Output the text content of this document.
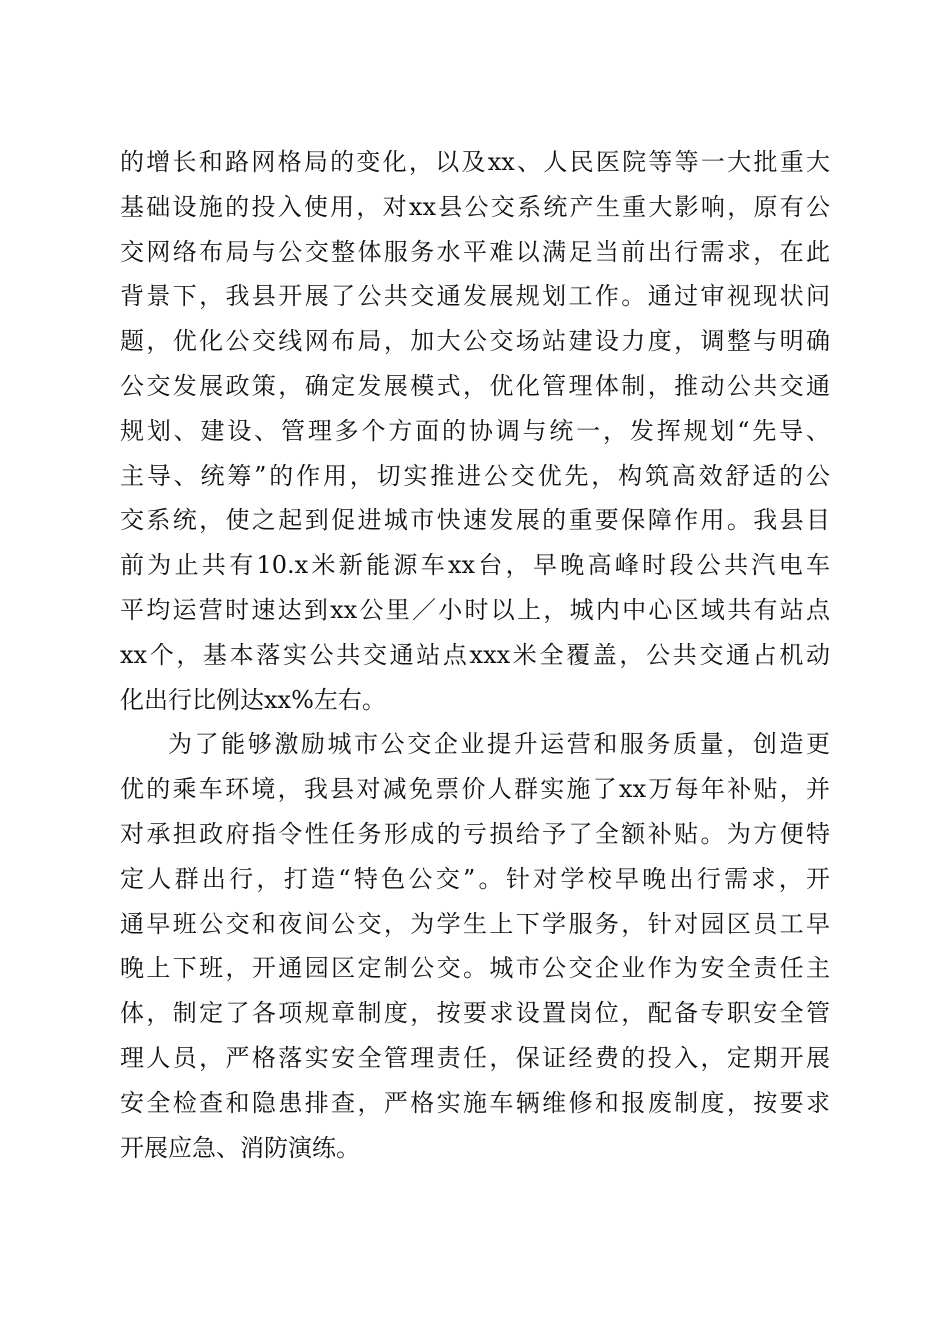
的增长和路网格局的变化，以及xx、人民医院等等一大批重大
基础设施的投入使用，对xx县公交系统产生重大影响，原有公
交网络布局与公交整体服务水平难以满足当前出行需求，在此
背景下，我县开展了公共交通发展规划工作。通过审视现状问
题，优化公交线网布局，加大公交场站建设力度，调整与明确
公交发展政策，确定发展模式，优化管理体制，推动公共交通
规划、建设、管理多个方面的协调与统一，发挥规划“先导、
主导、统筹”的作用，切实推进公交优先，构筑高效舒适的公
交系统，使之起到促进城市快速发展的重要保障作用。我县目
前为止共有10.x米新能源车xx台，早晚高峰时段公共汽电车
平均运营时速达到xx公里／小时以上，城内中心区域共有站点
xx个，基本落实公共交通站点xxx米全覆盖，公共交通占机动
化出行比例达xx%左右。
为了能够激励城市公交企业提升运营和服务质量，创造更
优的乘车环境，我县对减免票价人群实施了xx万每年补贴，并
对承担政府指令性任务形成的亏损给予了全额补贴。为方便特
定人群出行，打造“特色公交”。针对学校早晚出行需求，开
通早班公交和夜间公交，为学生上下学服务，针对园区员工早
晚上下班，开通园区定制公交。城市公交企业作为安全责任主
体，制定了各项规章制度，按要求设置岗位，配备专职安全管
理人员，严格落实安全管理责任，保证经费的投入，定期开展
安全检查和隐患排查，严格实施车辆维修和报废制度，按要求
开展应急、消防演练。
